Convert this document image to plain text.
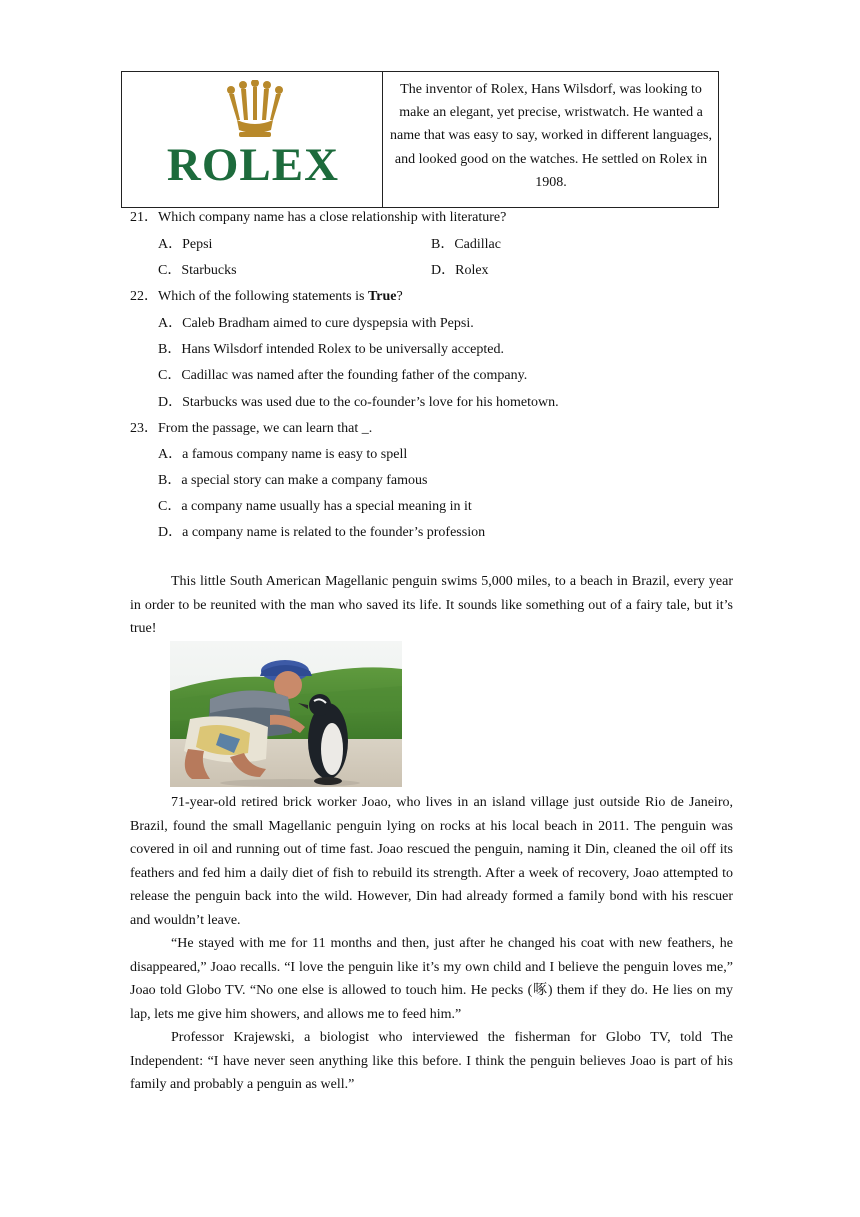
ROLEX
The inventor of Rolex, Hans Wilsdorf, was looking to make an elegant, yet precise, wristwatch. He wanted a name that was easy to say, worked in different languages, and looked good on the watches. He settled on Rolex in 1908.
21．Which company name has a close relationship with literature?
A．Pepsi	B．Cadillac
C．Starbucks	D．Rolex
22．Which of the following statements is True?
A．Caleb Bradham aimed to cure dyspepsia with Pepsi.
B．Hans Wilsdorf intended Rolex to be universally accepted.
C．Cadillac was named after the founding father of the company.
D．Starbucks was used due to the co-founder’s love for his hometown.
23．From the passage, we can learn that _.
A．a famous company name is easy to spell
B．a special story can make a company famous
C．a company name usually has a special meaning in it
D．a company name is related to the founder’s profession

This little South American Magellanic penguin swims 5,000 miles, to a beach in Brazil, every year in order to be reunited with the man who saved its life. It sounds like something out of a fairy tale, but it’s true!

71-year-old retired brick worker Joao, who lives in an island village just outside Rio de Janeiro, Brazil, found the small Magellanic penguin lying on rocks at his local beach in 2011. The penguin was covered in oil and running out of time fast. Joao rescued the penguin, naming it Din, cleaned the oil off its feathers and fed him a daily diet of fish to rebuild its strength. After a week of recovery, Joao attempted to release the penguin back into the wild. However, Din had already formed a family bond with his rescuer and wouldn’t leave.

“He stayed with me for 11 months and then, just after he changed his coat with new feathers, he disappeared,” Joao recalls. “I love the penguin like it’s my own child and I believe the penguin loves me,” Joao told Globo TV. “No one else is allowed to touch him. He pecks (啄) them if they do. He lies on my lap, lets me give him showers, and allows me to feed him.”

Professor Krajewski, a biologist who interviewed the fisherman for Globo TV, told The Independent: “I have never seen anything like this before. I think the penguin believes Joao is part of his family and probably a penguin as well.”
